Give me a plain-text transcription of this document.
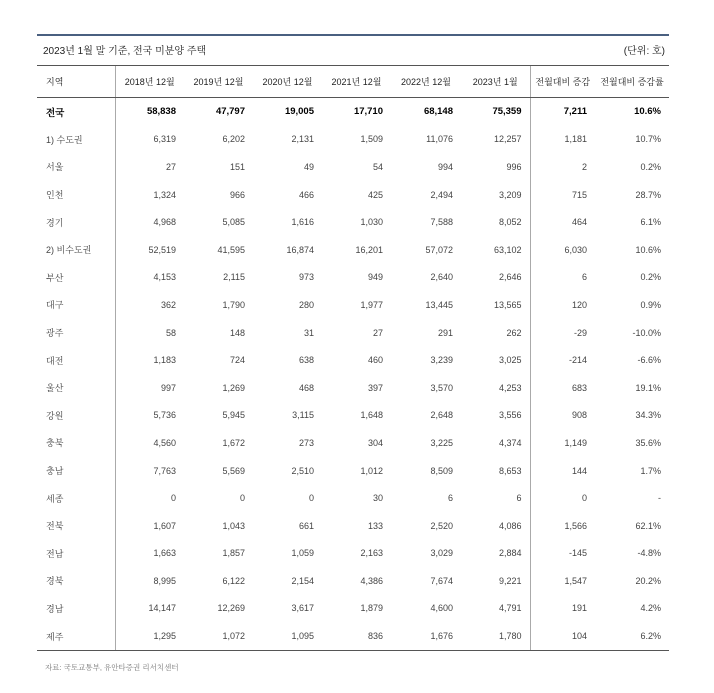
2023년 1월 말 기준, 전국 미분양 주택	(단위: 호)
지역	2018년 12월	2019년 12월	2020년 12월	2021년 12월	2022년 12월	2023년 1월	전월대비 증감	전월대비 증감률
전국	58,838	47,797	19,005	17,710	68,148	75,359	7,211	10.6%
1) 수도권	6,319	6,202	2,131	1,509	11,076	12,257	1,181	10.7%
서울	27	151	49	54	994	996	2	0.2%
인천	1,324	966	466	425	2,494	3,209	715	28.7%
경기	4,968	5,085	1,616	1,030	7,588	8,052	464	6.1%
2) 비수도권	52,519	41,595	16,874	16,201	57,072	63,102	6,030	10.6%
부산	4,153	2,115	973	949	2,640	2,646	6	0.2%
대구	362	1,790	280	1,977	13,445	13,565	120	0.9%
광주	58	148	31	27	291	262	-29	-10.0%
대전	1,183	724	638	460	3,239	3,025	-214	-6.6%
울산	997	1,269	468	397	3,570	4,253	683	19.1%
강원	5,736	5,945	3,115	1,648	2,648	3,556	908	34.3%
충북	4,560	1,672	273	304	3,225	4,374	1,149	35.6%
충남	7,763	5,569	2,510	1,012	8,509	8,653	144	1.7%
세종	0	0	0	30	6	6	0	-
전북	1,607	1,043	661	133	2,520	4,086	1,566	62.1%
전남	1,663	1,857	1,059	2,163	3,029	2,884	-145	-4.8%
경북	8,995	6,122	2,154	4,386	7,674	9,221	1,547	20.2%
경남	14,147	12,269	3,617	1,879	4,600	4,791	191	4.2%
제주	1,295	1,072	1,095	836	1,676	1,780	104	6.2%
자료: 국토교통부, 유안타증권 리서치센터
